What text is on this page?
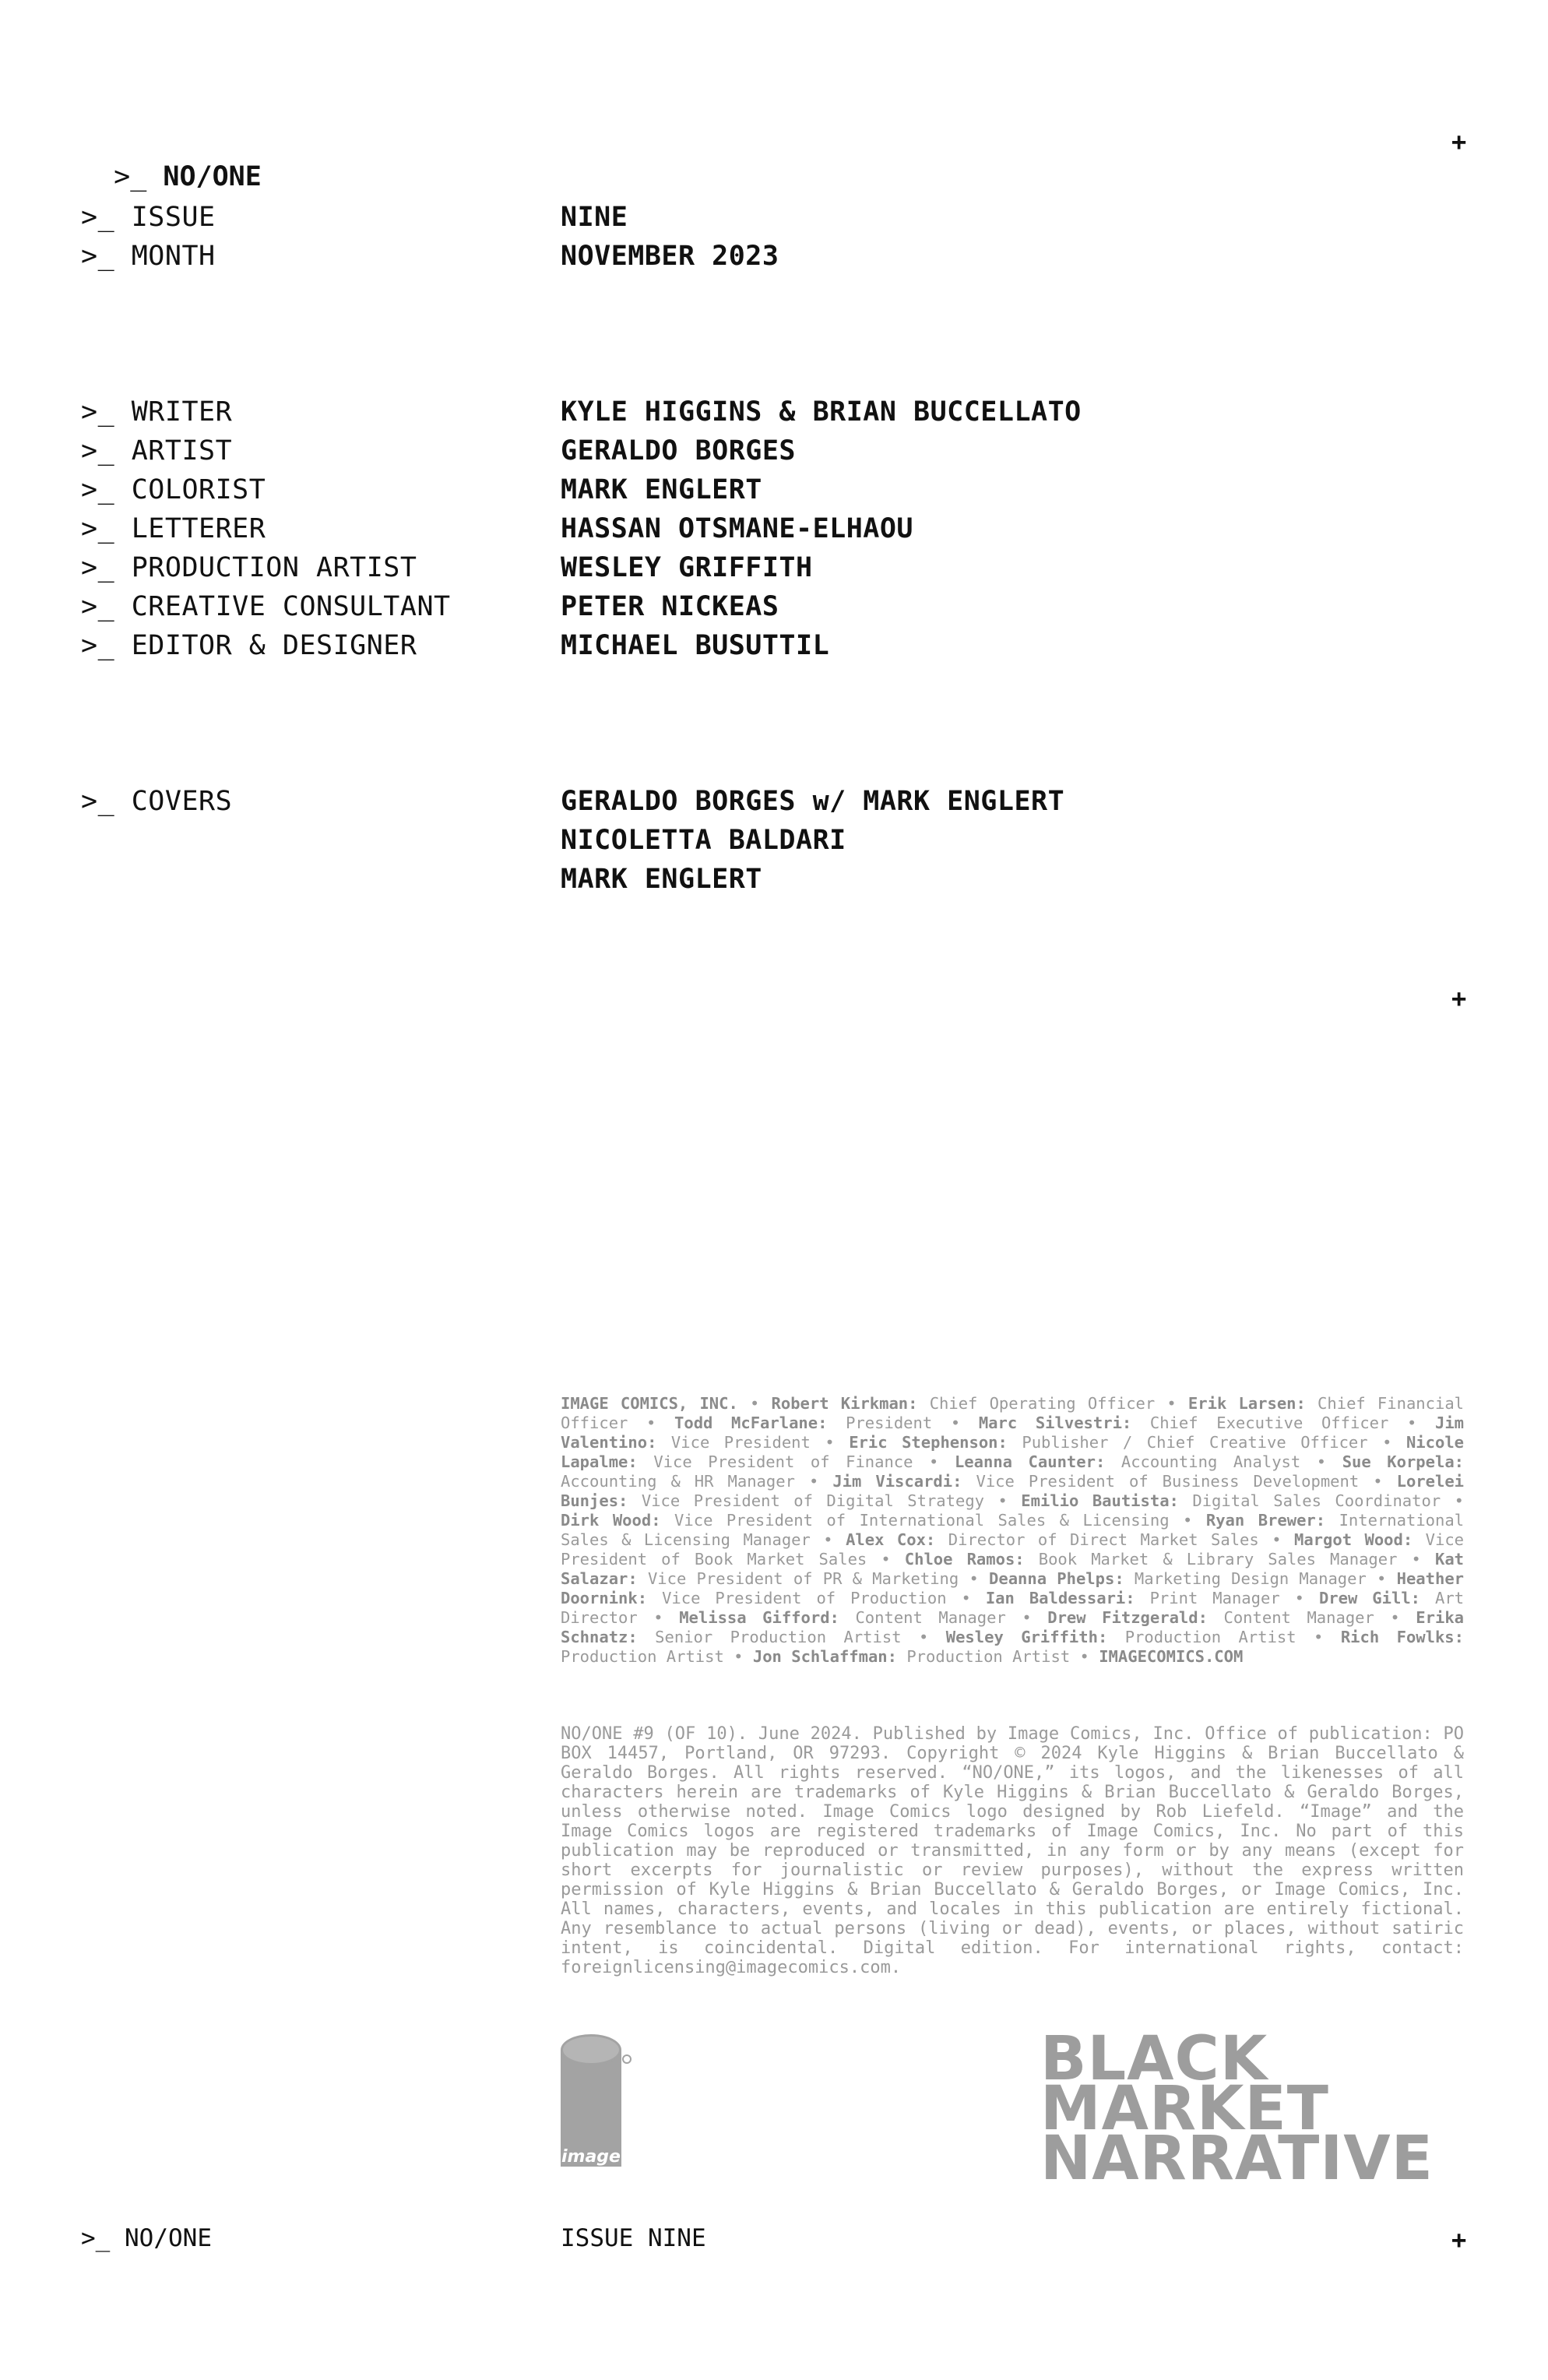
>_ NO/ONE

+
>_ ISSUE	NINE
>_ MONTH	NOVEMBER 2023
>_ WRITER	KYLE HIGGINS & BRIAN BUCCELLATO
>_ ARTIST	GERALDO BORGES
>_ COLORIST	MARK ENGLERT
>_ LETTERER	HASSAN OTSMANE-ELHAOU
>_ PRODUCTION ARTIST	WESLEY GRIFFITH
>_ CREATIVE CONSULTANT	PETER NICKEAS
>_ EDITOR & DESIGNER	MICHAEL BUSUTTIL
>_ COVERS	GERALDO BORGES w/ MARK ENGLERT
NICOLETTA BALDARI
MARK ENGLERT
+
IMAGE COMICS, INC. • Robert Kirkman: Chief Operating Officer • Erik Larsen: Chief Financial Officer • Todd McFarlane: President • Marc Silvestri: Chief Executive Officer • Jim Valentino: Vice President • Eric Stephenson: Publisher / Chief Creative Officer • Nicole Lapalme: Vice President of Finance • Leanna Caunter: Accounting Analyst • Sue Korpela: Accounting & HR Manager • Jim Viscardi: Vice President of Business Development • Lorelei Bunjes: Vice President of Digital Strategy • Emilio Bautista: Digital Sales Coordinator • Dirk Wood: Vice President of International Sales & Licensing • Ryan Brewer: International Sales & Licensing Manager • Alex Cox: Director of Direct Market Sales • Margot Wood: Vice President of Book Market Sales • Chloe Ramos: Book Market & Library Sales Manager • Kat Salazar: Vice President of PR & Marketing • Deanna Phelps: Marketing Design Manager • Heather Doornink: Vice President of Production • Ian Baldessari: Print Manager • Drew Gill: Art Director • Melissa Gifford: Content Manager • Drew Fitzgerald: Content Manager • Erika Schnatz: Senior Production Artist • Wesley Griffith: Production Artist • Rich Fowlks: Production Artist • Jon Schlaffman: Production Artist • IMAGECOMICS.COM
NO/ONE #9 (OF 10). June 2024. Published by Image Comics, Inc. Office of publication: PO BOX 14457, Portland, OR 97293. Copyright © 2024 Kyle Higgins & Brian Buccellato & Geraldo Borges. All rights reserved. “NO/ONE,” its logos, and the likenesses of all characters herein are trademarks of Kyle Higgins & Brian Buccellato & Geraldo Borges, unless otherwise noted. Image Comics logo designed by Rob Liefeld. “Image” and the Image Comics logos are registered trademarks of Image Comics, Inc. No part of this publication may be reproduced or transmitted, in any form or by any means (except for short excerpts for journalistic or review purposes), without the express written permission of Kyle Higgins & Brian Buccellato & Geraldo Borges, or Image Comics, Inc. All names, characters, events, and locales in this publication are entirely fictional. Any resemblance to actual persons (living or dead), events, or places, without satiric intent, is coincidental. Digital edition. For international rights, contact: foreignlicensing@imagecomics.com.
image
BLACK
MARKET
NARRATIVE
>_ NO/ONE	ISSUE NINE	+
